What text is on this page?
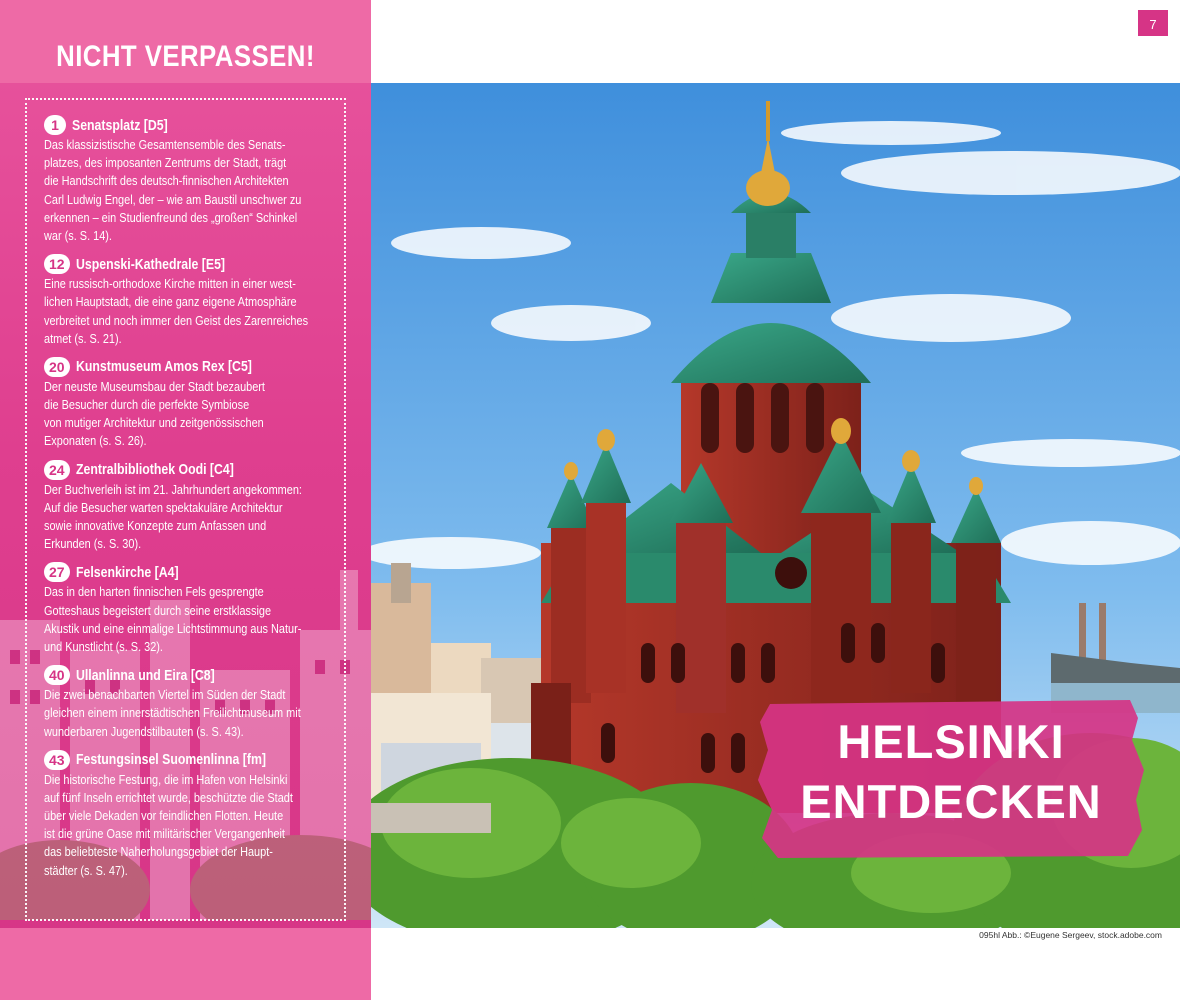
NICHT VERPASSEN!
1 Senatsplatz [D5]
Das klassizistische Gesamtensemble des Senats-
platzes, des imposanten Zentrums der Stadt, trägt
die Handschrift des deutsch-finnischen Architekten
Carl Ludwig Engel, der – wie am Baustil unschwer zu
erkennen – ein Studienfreund des „großen“ Schinkel
war (s. S. 14).
12 Uspenski-Kathedrale [E5]
Eine russisch-orthodoxe Kirche mitten in einer west-
lichen Hauptstadt, die eine ganz eigene Atmosphäre
verbreitet und noch immer den Geist des Zarenreiches
atmet (s. S. 21).
20 Kunstmuseum Amos Rex [C5]
Der neuste Museumsbau der Stadt bezaubert
die Besucher durch die perfekte Symbiose
von mutiger Architektur und zeitgenössischen
Exponaten (s. S. 26).
24 Zentralbibliothek Oodi [C4]
Der Buchverleih ist im 21. Jahrhundert angekommen:
Auf die Besucher warten spektakuläre Architektur
sowie innovative Konzepte zum Anfassen und
Erkunden (s. S. 30).
27 Felsenkirche [A4]
Das in den harten finnischen Fels gesprengte
Gotteshaus begeistert durch seine erstklassige
Akustik und eine einmalige Lichtstimmung aus Natur-
und Kunstlicht (s. S. 32).
40 Ullanlinna und Eira [C8]
Die zwei benachbarten Viertel im Süden der Stadt
gleichen einem innerstädtischen Freilichtmuseum mit
wunderbaren Jugendstilbauten (s. S. 43).
43 Festungsinsel Suomenlinna [fm]
Die historische Festung, die im Hafen von Helsinki
auf fünf Inseln errichtet wurde, beschützte die Stadt
über viele Dekaden vor feindlichen Flotten. Heute
ist die grüne Oase mit militärischer Vergangenheit
das beliebteste Naherholungsgebiet der Haupt-
städter (s. S. 47).
7
HELSINKI
ENTDECKEN
095hl Abb.: ©Eugene Sergeev, stock.adobe.com
